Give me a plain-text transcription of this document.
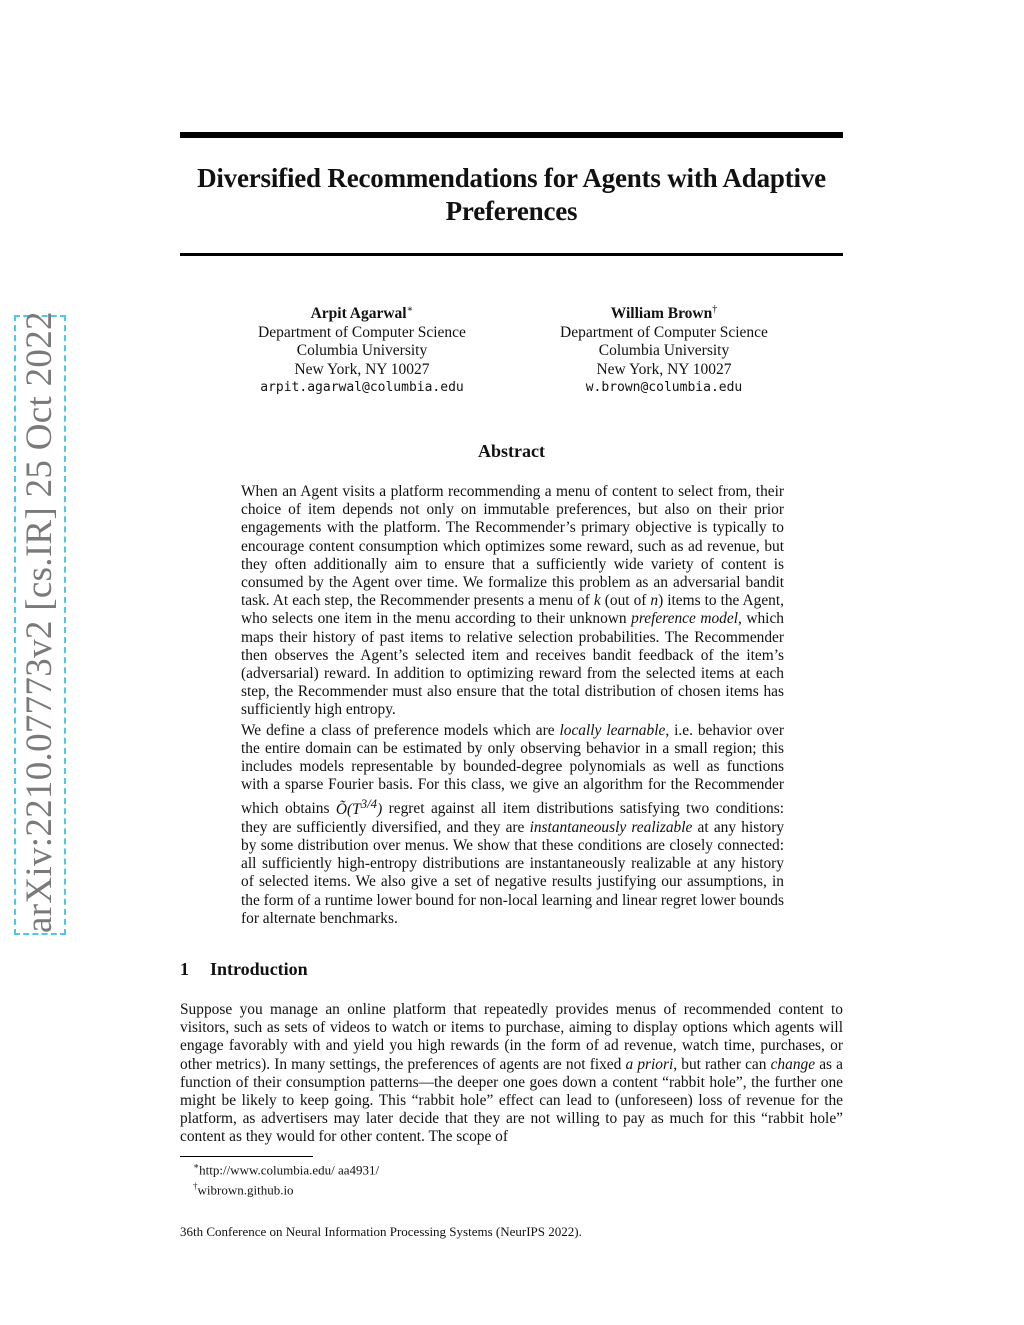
arXiv:2210.07773v2 [cs.IR] 25 Oct 2022
Diversified Recommendations for Agents with Adaptive Preferences
Arpit Agarwal∗
Department of Computer Science
Columbia University
New York, NY 10027
arpit.agarwal@columbia.edu
William Brown†
Department of Computer Science
Columbia University
New York, NY 10027
w.brown@columbia.edu
Abstract

When an Agent visits a platform recommending a menu of content to select from, their choice of item depends not only on immutable preferences, but also on their prior engagements with the platform. The Recommender’s primary objective is typically to encourage content consumption which optimizes some reward, such as ad revenue, but they often additionally aim to ensure that a sufficiently wide variety of content is consumed by the Agent over time. We formalize this problem as an adversarial bandit task. At each step, the Recommender presents a menu of k (out of n) items to the Agent, who selects one item in the menu according to their unknown preference model, which maps their history of past items to relative selection probabilities. The Recommender then observes the Agent’s selected item and receives bandit feedback of the item’s (adversarial) reward. In addition to optimizing reward from the selected items at each step, the Recommender must also ensure that the total distribution of chosen items has sufficiently high entropy.

We define a class of preference models which are locally learnable, i.e. behavior over the entire domain can be estimated by only observing behavior in a small region; this includes models representable by bounded-degree polynomials as well as functions with a sparse Fourier basis. For this class, we give an algorithm for the Recommender which obtains $Õ(T^{3/4})$ regret against all item distributions satisfying two conditions: they are sufficiently diversified, and they are instantaneously realizable at any history by some distribution over menus. We show that these conditions are closely connected: all sufficiently high-entropy distributions are instantaneously realizable at any history of selected items. We also give a set of negative results justifying our assumptions, in the form of a runtime lower bound for non-local learning and linear regret lower bounds for alternate benchmarks.

1 Introduction

Suppose you manage an online platform that repeatedly provides menus of recommended content to visitors, such as sets of videos to watch or items to purchase, aiming to display options which agents will engage favorably with and yield you high rewards (in the form of ad revenue, watch time, purchases, or other metrics). In many settings, the preferences of agents are not fixed a priori, but rather can change as a function of their consumption patterns—the deeper one goes down a content “rabbit hole”, the further one might be likely to keep going. This “rabbit hole” effect can lead to (unforeseen) loss of revenue for the platform, as advertisers may later decide that they are not willing to pay as much for this “rabbit hole” content as they would for other content. The scope of

∗http://www.columbia.edu/ aa4931/
†wibrown.github.io
36th Conference on Neural Information Processing Systems (NeurIPS 2022).
